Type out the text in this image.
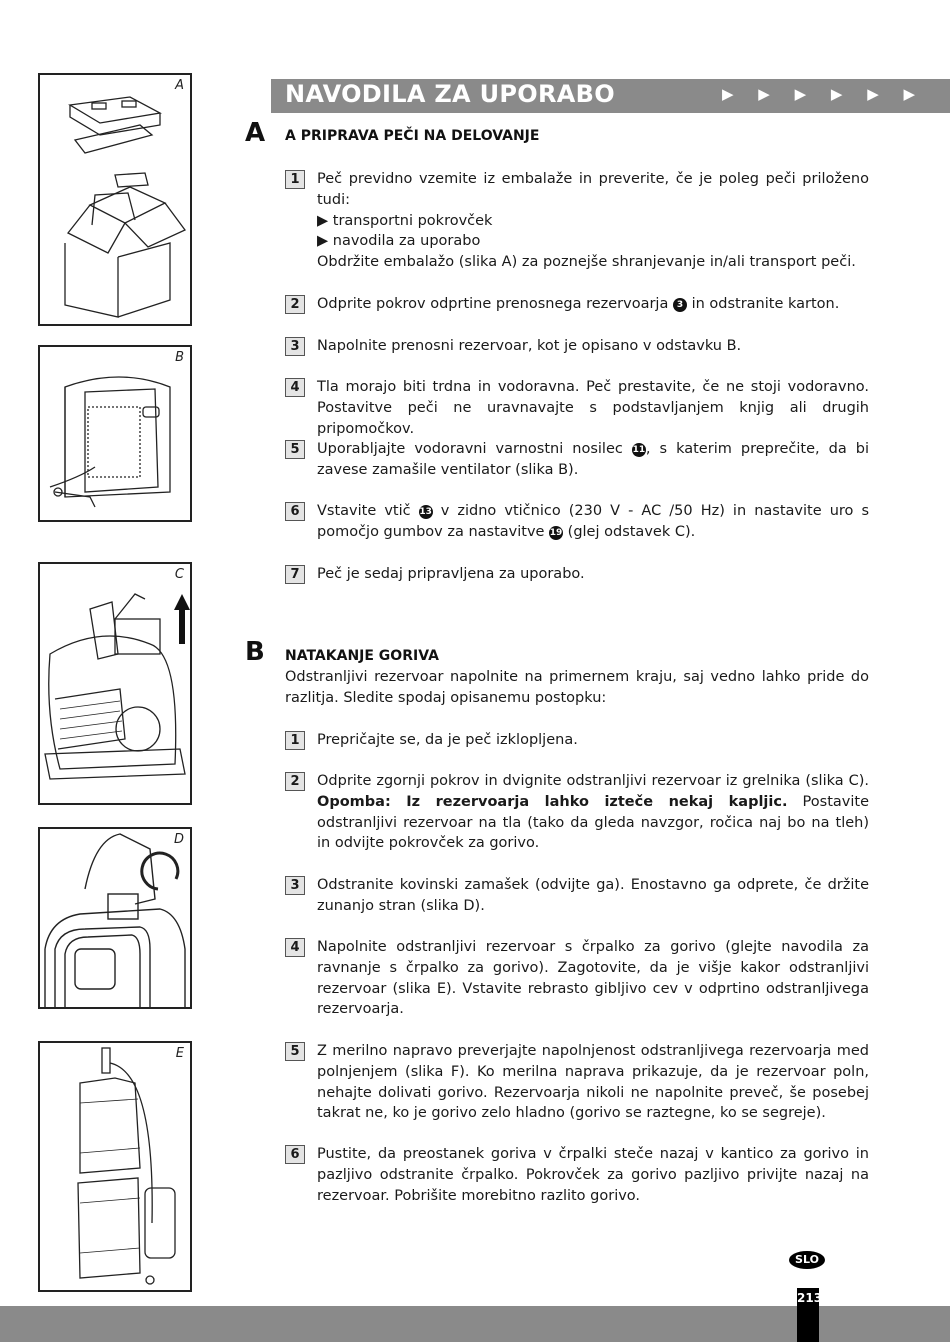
A
B
C
D
E
NAVODILA ZA UPORABO	▶ ▶ ▶ ▶ ▶ ▶
A A PRIPRAVA PEČI NA DELOVANJE
1	Peč previdno vzemite iz embalaže in preverite, če je poleg peči priloženo tudi:
▶ transportni pokrovček
▶ navodila za uporabo
Obdržite embalažo (slika A) za poznejše shranjevanje in/ali transport peči.
2	Odprite pokrov odprtine prenosnega rezervoarja 3 in odstranite karton.
3	Napolnite prenosni rezervoar, kot je opisano v odstavku B.
4	Tla morajo biti trdna in vodoravna. Peč prestavite, če ne stoji vodoravno. Postavitve peči ne uravnavajte s podstavljanjem knjig ali drugih pripomočkov.
5	Uporabljajte vodoravni varnostni nosilec 11, s katerim preprečite, da bi zavese zamašile ventilator (slika B).
6	Vstavite vtič 13 v zidno vtičnico (230 V - AC /50 Hz) in nastavite uro s pomočjo gumbov za nastavitve 19 (glej odstavek C).
7	Peč je sedaj pripravljena za uporabo.
B NATAKANJE GORIVA
Odstranljivi rezervoar napolnite na primernem kraju, saj vedno lahko pride do razlitja. Sledite spodaj opisanemu postopku:
1	Prepričajte se, da je peč izklopljena.
2	Odprite zgornji pokrov in dvignite odstranljivi rezervoar iz grelnika (slika C). Opomba: Iz rezervoarja lahko izteče nekaj kapljic. Postavite odstranljivi rezervoar na tla (tako da gleda navzgor, ročica naj bo na tleh) in odvijte pokrovček za gorivo.
3	Odstranite kovinski zamašek (odvijte ga). Enostavno ga odprete, če držite zunanjo stran (slika D).
4	Napolnite odstranljivi rezervoar s črpalko za gorivo (glejte navodila za ravnanje s črpalko za gorivo). Zagotovite, da je višje kakor odstranljivi rezervoar (slika E). Vstavite rebrasto gibljivo cev v odprtino odstranljivega rezervoarja.
5	Z merilno napravo preverjajte napolnjenost odstranljivega rezervoarja med polnjenjem (slika F). Ko merilna naprava prikazuje, da je rezervoar poln, nehajte dolivati gorivo. Rezervoarja nikoli ne napolnite preveč, še posebej takrat ne, ko je gorivo zelo hladno (gorivo se raztegne, ko se segreje).
6	Pustite, da preostanek goriva v črpalki steče nazaj v kantico za gorivo in pazljivo odstranite črpalko. Pokrovček za gorivo pazljivo privijte nazaj na rezervoar. Pobrišite morebitno razlito gorivo.
SLO
213
